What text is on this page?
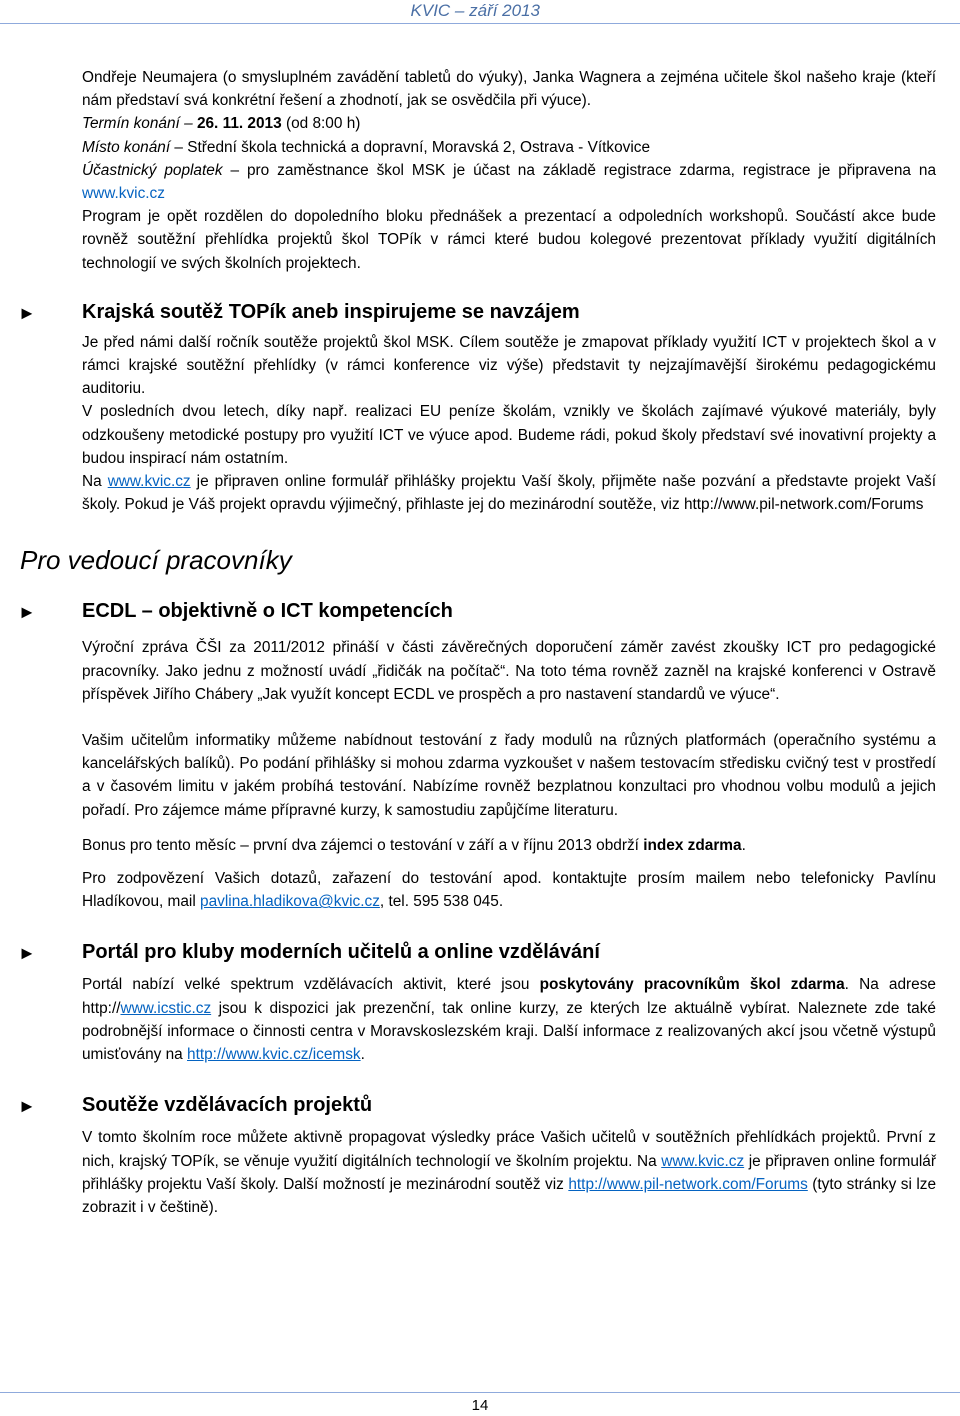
KVIC – září 2013

Ondřeje Neumajera (o smysluplném zavádění tabletů do výuky), Janka Wagnera a zejména učitele škol našeho kraje (kteří nám představí svá konkrétní řešení a zhodnotí, jak se osvědčila při výuce).

Termín konání – 26. 11. 2013 (od 8:00 h)

Místo konání – Střední škola technická a dopravní, Moravská 2, Ostrava - Vítkovice

Účastnický poplatek – pro zaměstnance škol MSK je účast na základě registrace zdarma, registrace je připravena na www.kvic.cz

Program je opět rozdělen do dopoledního bloku přednášek a prezentací a odpoledních workshopů. Součástí akce bude rovněž soutěžní přehlídka projektů škol TOPík v rámci které budou kolegové prezentovat příklady využití digitálních technologií ve svých školních projektech.

► Krajská soutěž TOPík aneb inspirujeme se navzájem

Je před námi další ročník soutěže projektů škol MSK. Cílem soutěže je zmapovat příklady využití ICT v projektech škol a v rámci krajské soutěžní přehlídky (v rámci konference viz výše) představit ty nejzajímavější širokému pedagogickému auditoriu.

V posledních dvou letech, díky např. realizaci EU peníze školám, vznikly ve školách zajímavé výukové materiály, byly odzkoušeny metodické postupy pro využití ICT ve výuce apod. Budeme rádi, pokud školy představí své inovativní projekty a budou inspirací nám ostatním.

Na www.kvic.cz je připraven online formulář přihlášky projektu Vaší školy, přijměte naše pozvání a představte projekt Vaší školy. Pokud je Váš projekt opravdu výjimečný, přihlaste jej do mezinárodní soutěže, viz http://www.pil-network.com/Forums

Pro vedoucí pracovníky
► ECDL – objektivně o ICT kompetencích

Výroční zpráva ČŠI za 2011/2012 přináší v části závěrečných doporučení záměr zavést zkoušky ICT pro pedagogické pracovníky. Jako jednu z možností uvádí „řidičák na počítač“. Na toto téma rovněž zazněl na krajské konferenci v Ostravě příspěvek Jiřího Chábery „Jak využít koncept ECDL ve prospěch a pro nastavení standardů ve výuce“.

Vašim učitelům informatiky můžeme nabídnout testování z řady modulů na různých platformách (operačního systému a kancelářských balíků). Po podání přihlášky si mohou zdarma vyzkoušet v našem testovacím středisku cvičný test v prostředí a v časovém limitu v jakém probíhá testování. Nabízíme rovněž bezplatnou konzultaci pro vhodnou volbu modulů a jejich pořadí. Pro zájemce máme přípravné kurzy, k samostudiu zapůjčíme literaturu.

Bonus pro tento měsíc – první dva zájemci o testování v září a v říjnu 2013 obdrží index zdarma.

Pro zodpovězení Vašich dotazů, zařazení do testování apod. kontaktujte prosím mailem nebo telefonicky Pavlínu Hladíkovou, mail pavlina.hladikova@kvic.cz, tel. 595 538 045.

► Portál pro kluby moderních učitelů a online vzdělávání

Portál nabízí velké spektrum vzdělávacích aktivit, které jsou poskytovány pracovníkům škol zdarma. Na adrese http://www.icstic.cz jsou k dispozici jak prezenční, tak online kurzy, ze kterých lze aktuálně vybírat. Naleznete zde také podrobnější informace o činnosti centra v Moravskoslezském kraji. Další informace z realizovaných akcí jsou včetně výstupů umisťovány na http://www.kvic.cz/icemsk.

► Soutěže vzdělávacích projektů

V tomto školním roce můžete aktivně propagovat výsledky práce Vašich učitelů v soutěžních přehlídkách projektů. První z nich, krajský TOPík, se věnuje využití digitálních technologií ve školním projektu. Na www.kvic.cz je připraven online formulář přihlášky projektu Vaší školy. Další možností je mezinárodní soutěž viz http://www.pil-network.com/Forums (tyto stránky si lze zobrazit i v češtině).

14
